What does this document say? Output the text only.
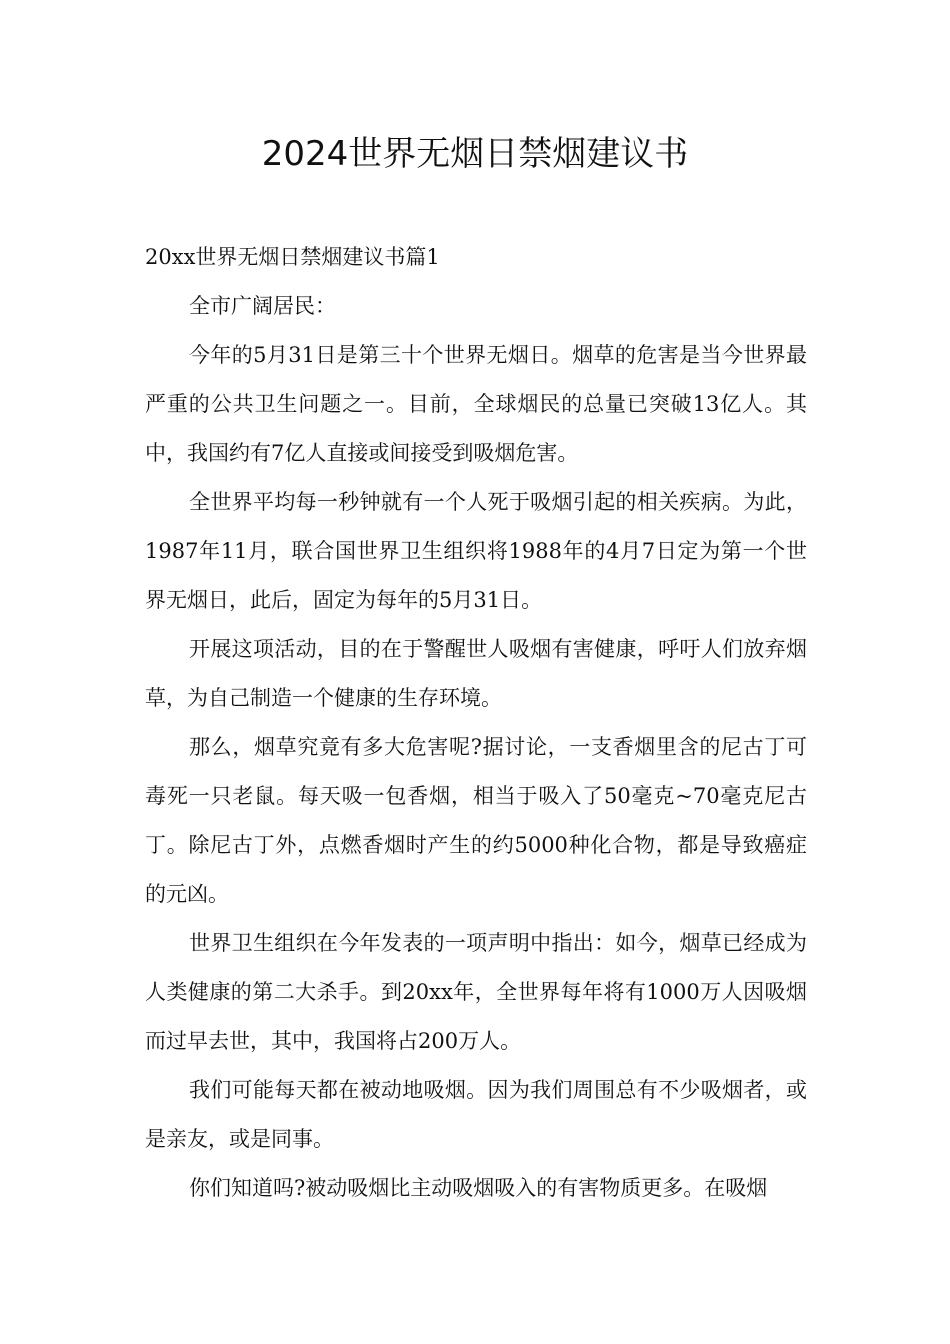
2024世界无烟日禁烟建议书

20xx世界无烟日禁烟建议书篇1

全市广阔居民：

今年的5月31日是第三十个世界无烟日。烟草的危害是当今世界最严重的公共卫生问题之一。目前，全球烟民的总量已突破13亿人。其中，我国约有7亿人直接或间接受到吸烟危害。

全世界平均每一秒钟就有一个人死于吸烟引起的相关疾病。为此，1987年11月，联合国世界卫生组织将1988年的4月7日定为第一个世界无烟日，此后，固定为每年的5月31日。

开展这项活动，目的在于警醒世人吸烟有害健康，呼吁人们放弃烟草，为自己制造一个健康的生存环境。

那么，烟草究竟有多大危害呢?据讨论，一支香烟里含的尼古丁可毒死一只老鼠。每天吸一包香烟，相当于吸入了50毫克~70毫克尼古丁。除尼古丁外，点燃香烟时产生的约5000种化合物，都是导致癌症的元凶。

世界卫生组织在今年发表的一项声明中指出：如今，烟草已经成为人类健康的第二大杀手。到20xx年，全世界每年将有1000万人因吸烟而过早去世，其中，我国将占200万人。

我们可能每天都在被动地吸烟。因为我们周围总有不少吸烟者，或是亲友，或是同事。

你们知道吗?被动吸烟比主动吸烟吸入的有害物质更多。在吸烟
